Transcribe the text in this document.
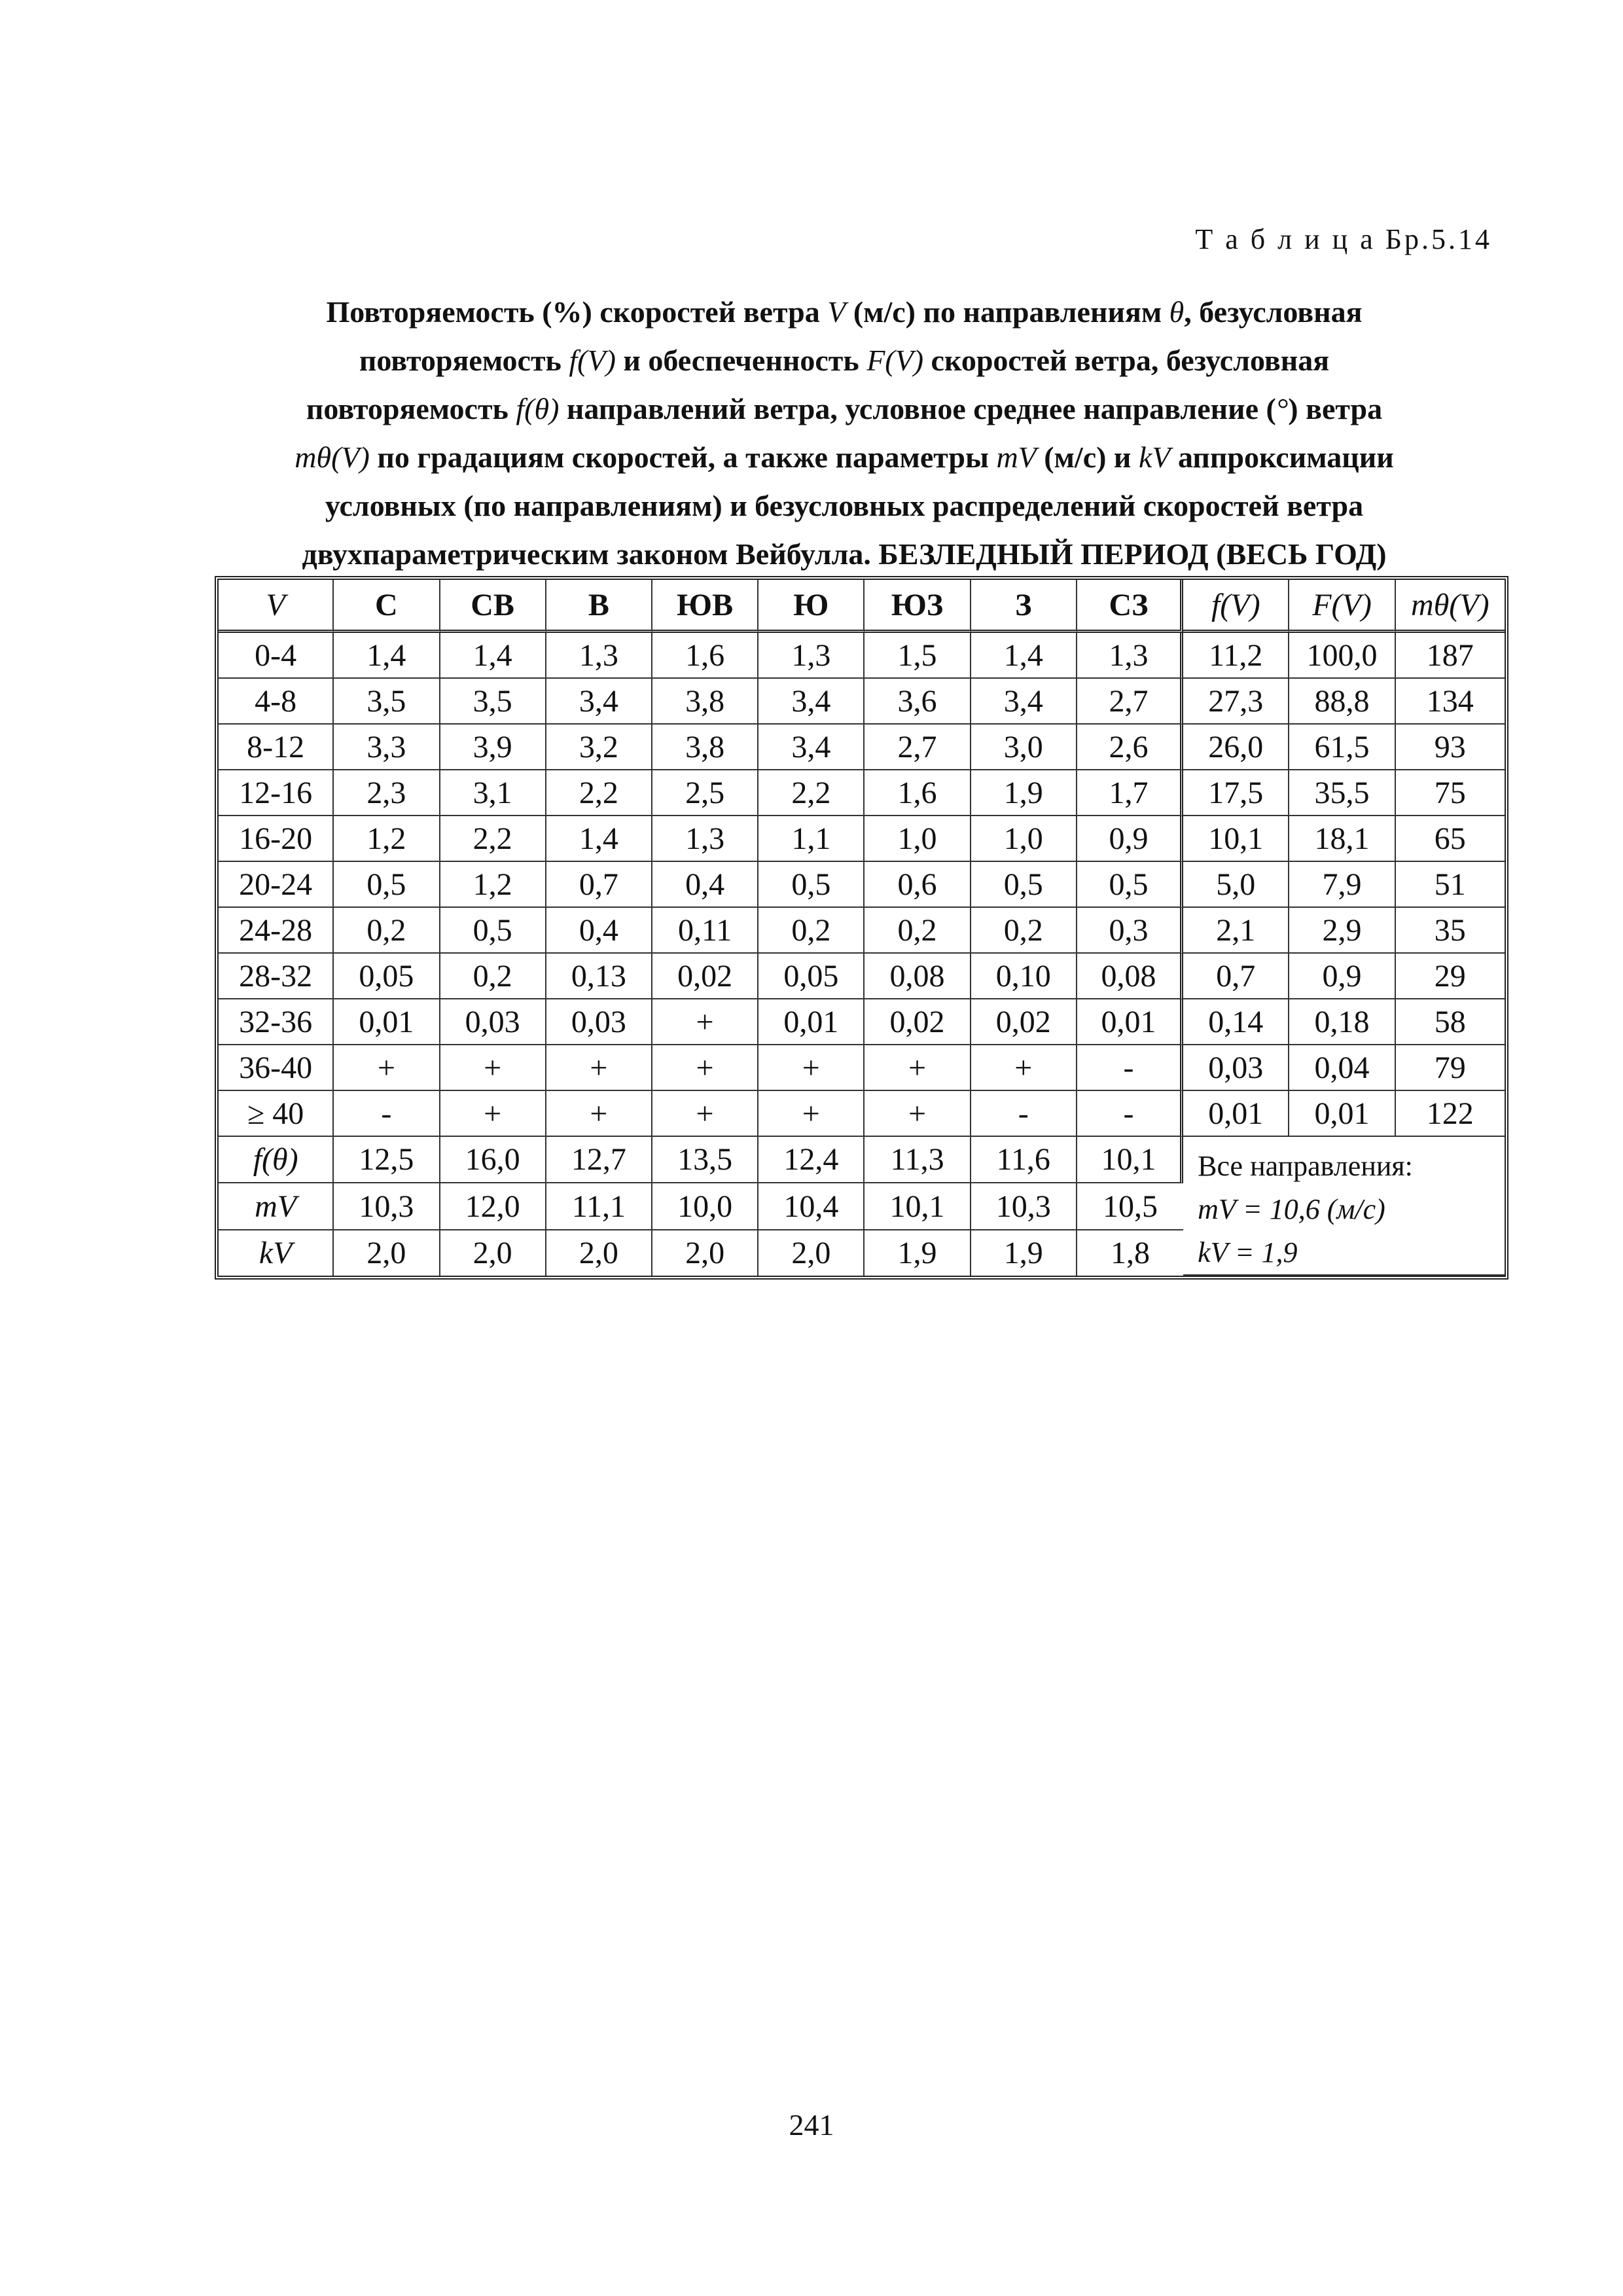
Т а б л и ц а Бр.5.14
Повторяемость (%) скоростей ветра V (м/с) по направлениям θ, безусловная
повторяемость f(V) и обеспеченность F(V) скоростей ветра, безусловная
повторяемость f(θ) направлений ветра, условное среднее направление (°) ветра
mθ(V) по градациям скоростей, а также параметры mV (м/с) и kV аппроксимации
условных (по направлениям) и безусловных распределений скоростей ветра
двухпараметрическим законом Вейбулла. БЕЗЛЕДНЫЙ ПЕРИОД (ВЕСЬ ГОД)
V	С	СВ	В	ЮВ	Ю	ЮЗ	З	СЗ	f(V)	F(V)	mθ(V)
0-4	1,4	1,4	1,3	1,6	1,3	1,5	1,4	1,3	11,2	100,0	187
4-8	3,5	3,5	3,4	3,8	3,4	3,6	3,4	2,7	27,3	88,8	134
8-12	3,3	3,9	3,2	3,8	3,4	2,7	3,0	2,6	26,0	61,5	93
12-16	2,3	3,1	2,2	2,5	2,2	1,6	1,9	1,7	17,5	35,5	75
16-20	1,2	2,2	1,4	1,3	1,1	1,0	1,0	0,9	10,1	18,1	65
20-24	0,5	1,2	0,7	0,4	0,5	0,6	0,5	0,5	5,0	7,9	51
24-28	0,2	0,5	0,4	0,11	0,2	0,2	0,2	0,3	2,1	2,9	35
28-32	0,05	0,2	0,13	0,02	0,05	0,08	0,10	0,08	0,7	0,9	29
32-36	0,01	0,03	0,03	+	0,01	0,02	0,02	0,01	0,14	0,18	58
36-40	+	+	+	+	+	+	+	-	0,03	0,04	79
≥ 40	-	+	+	+	+	+	-	-	0,01	0,01	122
f(θ)	12,5	16,0	12,7	13,5	12,4	11,3	11,6	10,1	Все направления:
mV = 10,6 (м/с)
kV = 1,9		

mV	10,3	12,0	11,1	10,0	10,4	10,1	10,3	10,5			
kV	2,0	2,0	2,0	2,0	2,0	1,9	1,9	1,8			
241
